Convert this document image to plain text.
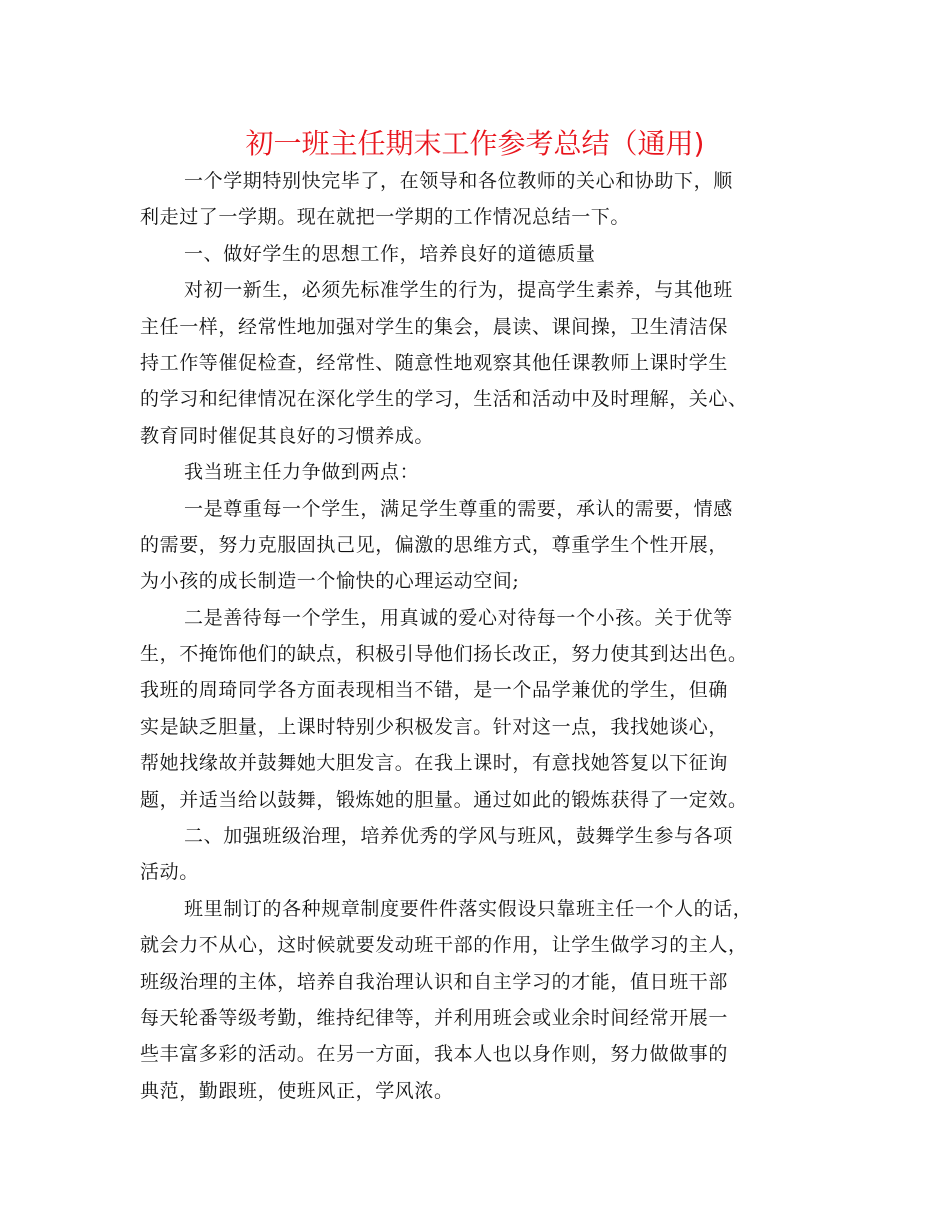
初一班主任期末工作参考总结（通用)
一个学期特别快完毕了，在领导和各位教师的关心和协助下，顺
利走过了一学期。现在就把一学期的工作情况总结一下。
一、做好学生的思想工作，培养良好的道德质量
对初一新生，必须先标准学生的行为，提高学生素养，与其他班
主任一样，经常性地加强对学生的集会，晨读、课间操，卫生清洁保
持工作等催促检查，经常性、随意性地观察其他任课教师上课时学生
的学习和纪律情况在深化学生的学习，生活和活动中及时理解，关心、
教育同时催促其良好的习惯养成。
我当班主任力争做到两点：
一是尊重每一个学生，满足学生尊重的需要，承认的需要，情感
的需要，努力克服固执己见，偏激的思维方式，尊重学生个性开展，
为小孩的成长制造一个愉快的心理运动空间;
二是善待每一个学生，用真诚的爱心对待每一个小孩。关于优等
生，不掩饰他们的缺点，积极引导他们扬长改正，努力使其到达出色。
我班的周琦同学各方面表现相当不错，是一个品学兼优的学生，但确
实是缺乏胆量，上课时特别少积极发言。针对这一点，我找她谈心，
帮她找缘故并鼓舞她大胆发言。在我上课时，有意找她答复以下征询
题，并适当给以鼓舞，锻炼她的胆量。通过如此的锻炼获得了一定效。
二、加强班级治理，培养优秀的学风与班风，鼓舞学生参与各项
活动。
班里制订的各种规章制度要件件落实假设只靠班主任一个人的话，
就会力不从心，这时候就要发动班干部的作用，让学生做学习的主人，
班级治理的主体，培养自我治理认识和自主学习的才能，值日班干部
每天轮番等级考勤，维持纪律等，并利用班会或业余时间经常开展一
些丰富多彩的活动。在另一方面，我本人也以身作则，努力做做事的
典范，勤跟班，使班风正，学风浓。
